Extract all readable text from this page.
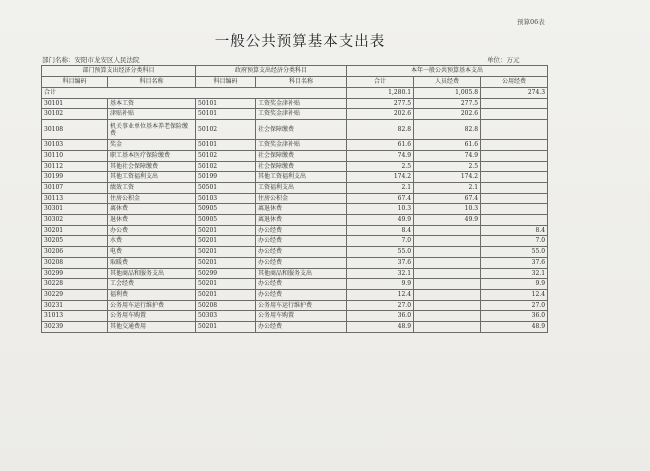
预算06表
一般公共预算基本支出表
部门名称：安阳市龙安区人民法院	单位：万元
部门预算支出经济分类科目		政府预算支出经济分类科目		本年一般公共预算基本支出		
科目编码	科目名称	科目编码	科目名称	合计	人员经费	公用经费
合计				1,280.1	1,005.8	274.3
30101	基本工资	50101	工资奖金津补贴	277.5	277.5	
30102	津贴补贴	50101	工资奖金津补贴	202.6	202.6	
30108	机关事业单位基本养老保险缴费	50102	社会保障缴费	82.8	82.8	
30103	奖金	50101	工资奖金津补贴	61.6	61.6	
30110	职工基本医疗保险缴费	50102	社会保障缴费	74.9	74.9	
30112	其他社会保障缴费	50102	社会保障缴费	2.5	2.5	
30199	其他工资福利支出	50199	其他工资福利支出	174.2	174.2	
30107	绩效工资	50501	工资福利支出	2.1	2.1	
30113	住房公积金	50103	住房公积金	67.4	67.4	
30301	离休费	50905	离退休费	10.3	10.3	
30302	退休费	50905	离退休费	49.9	49.9	
30201	办公费	50201	办公经费	8.4		8.4
30205	水费	50201	办公经费	7.0		7.0
30206	电费	50201	办公经费	55.0		55.0
30208	取暖费	50201	办公经费	37.6		37.6
30299	其他商品和服务支出	50299	其他商品和服务支出	32.1		32.1
30228	工会经费	50201	办公经费	9.9		9.9
30229	福利费	50201	办公经费	12.4		12.4
30231	公务用车运行维护费	50208	公务用车运行维护费	27.0		27.0
31013	公务用车购置	50303	公务用车购置	36.0		36.0
30239	其他交通费用	50201	办公经费	48.9		48.9
